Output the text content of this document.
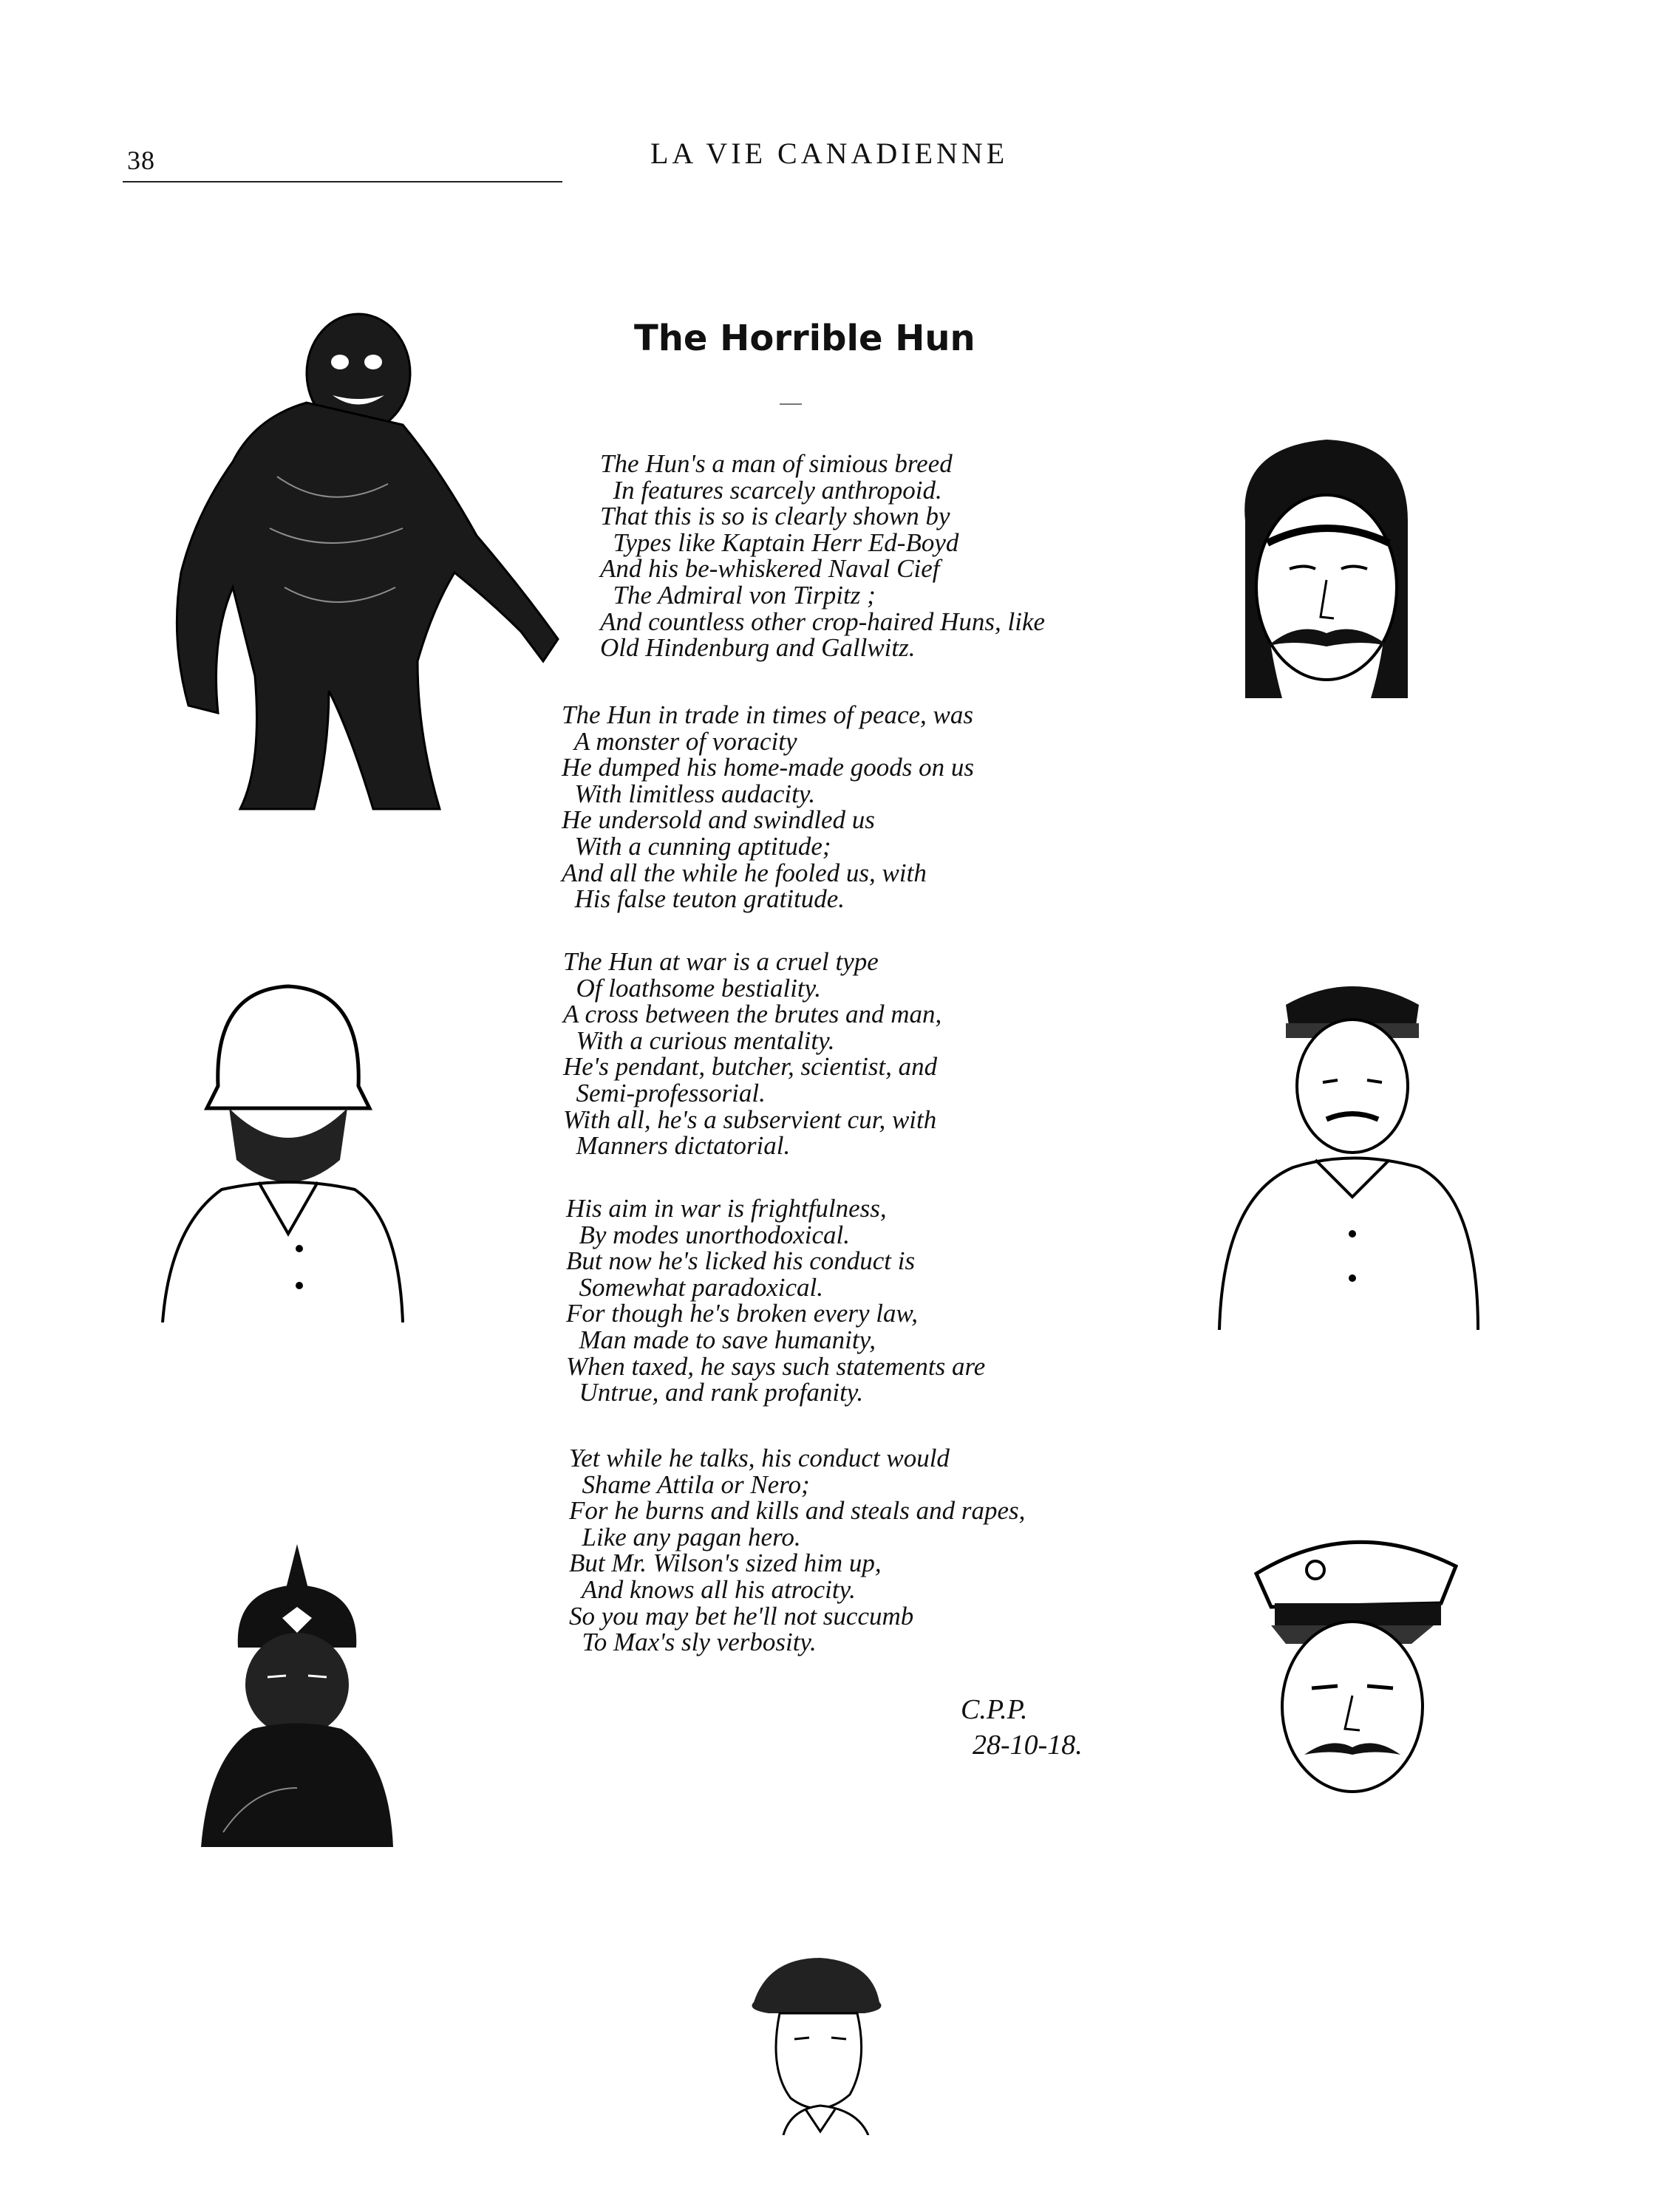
38	LA VIE CANADIENNE
The Horrible Hun
The Hun's a man of simious breed
In features scarcely anthropoid.
That this is so is clearly shown by
Types like Kaptain Herr Ed-Boyd
And his be-whiskered Naval Cief
The Admiral von Tirpitz ;
And countless other crop-haired Huns, like
Old Hindenburg and Gallwitz.
The Hun in trade in times of peace, was
A monster of voracity
He dumped his home-made goods on us
With limitless audacity.
He undersold and swindled us
With a cunning aptitude;
And all the while he fooled us, with
His false teuton gratitude.
The Hun at war is a cruel type
Of loathsome bestiality.
A cross between the brutes and man,
With a curious mentality.
He's pendant, butcher, scientist, and
Semi-professorial.
With all, he's a subservient cur, with
Manners dictatorial.
His aim in war is frightfulness,
By modes unorthodoxical.
But now he's licked his conduct is
Somewhat paradoxical.
For though he's broken every law,
Man made to save humanity,
When taxed, he says such statements are
Untrue, and rank profanity.
Yet while he talks, his conduct would
Shame Attila or Nero;
For he burns and kills and steals and rapes,
Like any pagan hero.
But Mr. Wilson's sized him up,
And knows all his atrocity.
So you may bet he'll not succumb
To Max's sly verbosity.
C.P.P.
28-10-18.
